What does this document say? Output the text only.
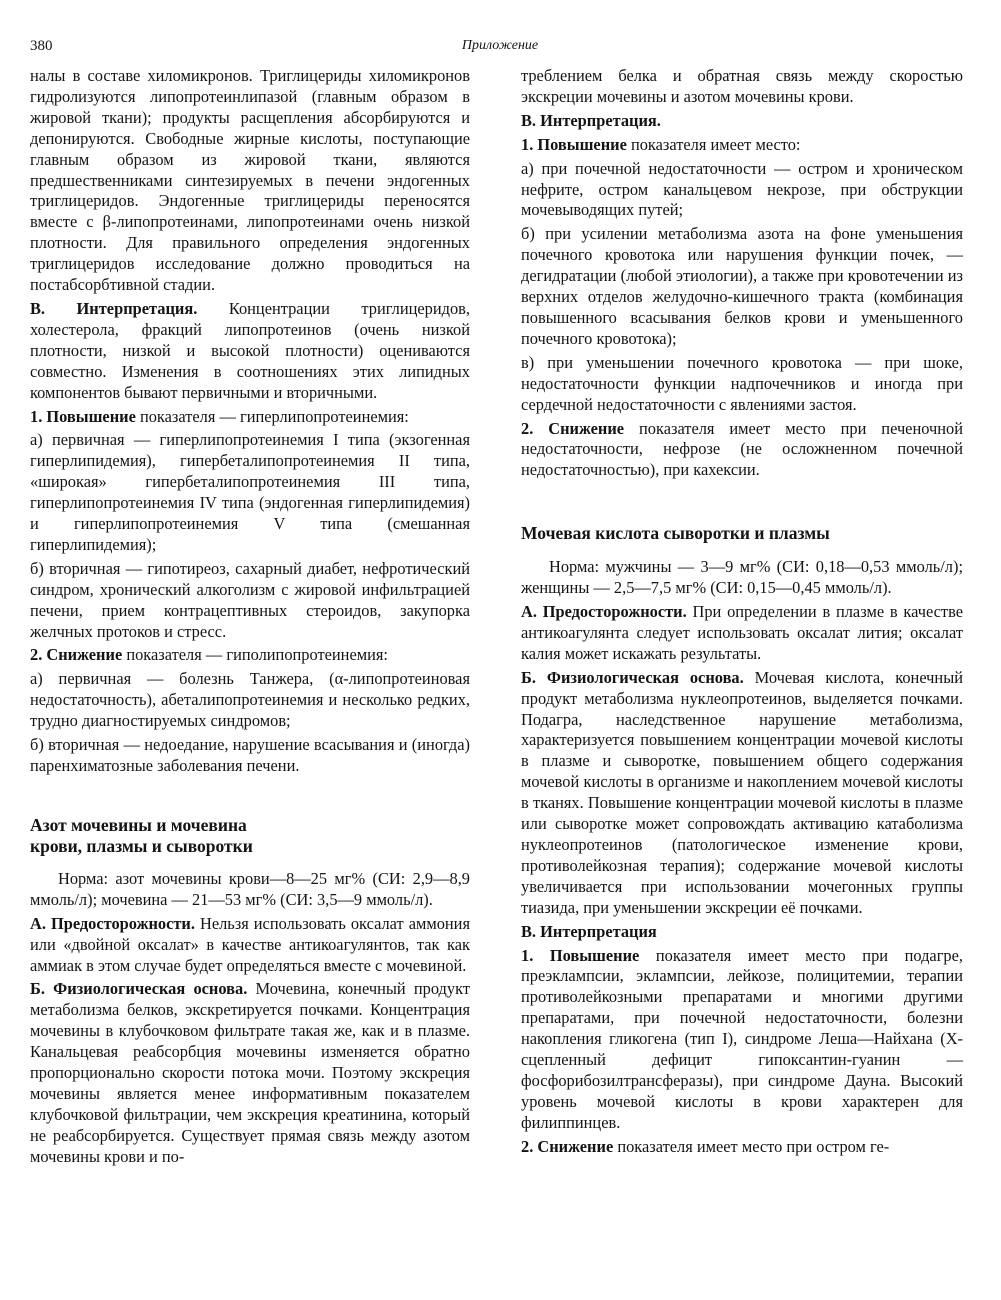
380	Приложение

налы в составе хиломикронов. Триглицериды хиломикронов гидролизуются липопротеинлипазой (главным образом в жировой ткани); продукты расщепления абсорбируются и депонируются. Свободные жирные кислоты, поступающие главным образом из жировой ткани, являются предшественниками синтезируемых в печени эндогенных триглицеридов. Эндогенные триглицериды переносятся вместе с β-липопротеинами, липопротеинами очень низкой плотности. Для правильного определения эндогенных триглицеридов исследование должно проводиться на постабсорбтивной стадии.

В. Интерпретация. Концентрации триглицеридов, холестерола, фракций липопротеинов (очень низкой плотности, низкой и высокой плотности) оцениваются совместно. Изменения в соотношениях этих липидных компонентов бывают первичными и вторичными.

1. Повышение показателя — гиперлипопротеинемия:

а) первичная — гиперлипопротеинемия I типа (экзогенная гиперлипидемия), гипербеталипопротеинемия II типа, «широкая» гипербеталипопротеинемия III типа, гиперлипопротеинемия IV типа (эндогенная гиперлипидемия) и гиперлипопротеинемия V типа (смешанная гиперлипидемия);

б) вторичная — гипотиреоз, сахарный диабет, нефротический синдром, хронический алкоголизм с жировой инфильтрацией печени, прием контрацептивных стероидов, закупорка желчных протоков и стресс.

2. Снижение показателя — гиполипопротеинемия:

а) первичная — болезнь Танжера, (α-липопротеиновая недостаточность), абеталипопротеинемия и несколько редких, трудно диагностируемых синдромов;

б) вторичная — недоедание, нарушение всасывания и (иногда) паренхиматозные заболевания печени.

Азот мочевины и мочевина
крови, плазмы и сыворотки

Норма: азот мочевины крови—8—25 мг% (СИ: 2,9—8,9 ммоль/л); мочевина — 21—53 мг% (СИ: 3,5—9 ммоль/л).

А. Предосторожности. Нельзя использовать оксалат аммония или «двойной оксалат» в качестве антикоагулянтов, так как аммиак в этом случае будет определяться вместе с мочевиной.

Б. Физиологическая основа. Мочевина, конечный продукт метаболизма белков, экскретируется почками. Концентрация мочевины в клубочковом фильтрате такая же, как и в плазме. Канальцевая реабсорбция мочевины изменяется обратно пропорционально скорости потока мочи. Поэтому экскреция мочевины является менее информативным показателем клубочковой фильтрации, чем экскреция креатинина, который не реабсорбируется. Существует прямая связь между азотом мочевины крови и по-

треблением белка и обратная связь между скоростью экскреции мочевины и азотом мочевины крови.

В. Интерпретация.

1. Повышение показателя имеет место:

а) при почечной недостаточности — остром и хроническом нефрите, остром канальцевом некрозе, при обструкции мочевыводящих путей;

б) при усилении метаболизма азота на фоне уменьшения почечного кровотока или нарушения функции почек, — дегидратации (любой этиологии), а также при кровотечении из верхних отделов желудочно-кишечного тракта (комбинация повышенного всасывания белков крови и уменьшенного почечного кровотока);

в) при уменьшении почечного кровотока — при шоке, недостаточности функции надпочечников и иногда при сердечной недостаточности с явлениями застоя.

2. Снижение показателя имеет место при печеночной недостаточности, нефрозе (не осложненном почечной недостаточностью), при кахексии.

Мочевая кислота сыворотки и плазмы

Норма: мужчины — 3—9 мг% (СИ: 0,18—0,53 ммоль/л); женщины — 2,5—7,5 мг% (СИ: 0,15—0,45 ммоль/л).

А. Предосторожности. При определении в плазме в качестве антикоагулянта следует использовать оксалат лития; оксалат калия может искажать результаты.

Б. Физиологическая основа. Мочевая кислота, конечный продукт метаболизма нуклеопротеинов, выделяется почками. Подагра, наследственное нарушение метаболизма, характеризуется повышением концентрации мочевой кислоты в плазме и сыворотке, повышением общего содержания мочевой кислоты в организме и накоплением мочевой кислоты в тканях. Повышение концентрации мочевой кислоты в плазме или сыворотке может сопровождать активацию катаболизма нуклеопротеинов (патологическое изменение крови, противолейкозная терапия); содержание мочевой кислоты увеличивается при использовании мочегонных группы тиазида, при уменьшении экскреции её почками.

В. Интерпретация

1. Повышение показателя имеет место при подагре, преэклампсии, эклампсии, лейкозе, полицитемии, терапии противолейкозными препаратами и многими другими препаратами, при почечной недостаточности, болезни накопления гликогена (тип I), синдроме Леша—Найхана (Х-сцепленный дефицит гипоксантин-гуанин — фосфорибозилтрансферазы), при синдроме Дауна. Высокий уровень мочевой кислоты в крови характерен для филиппинцев.

2. Снижение показателя имеет место при остром ге-
